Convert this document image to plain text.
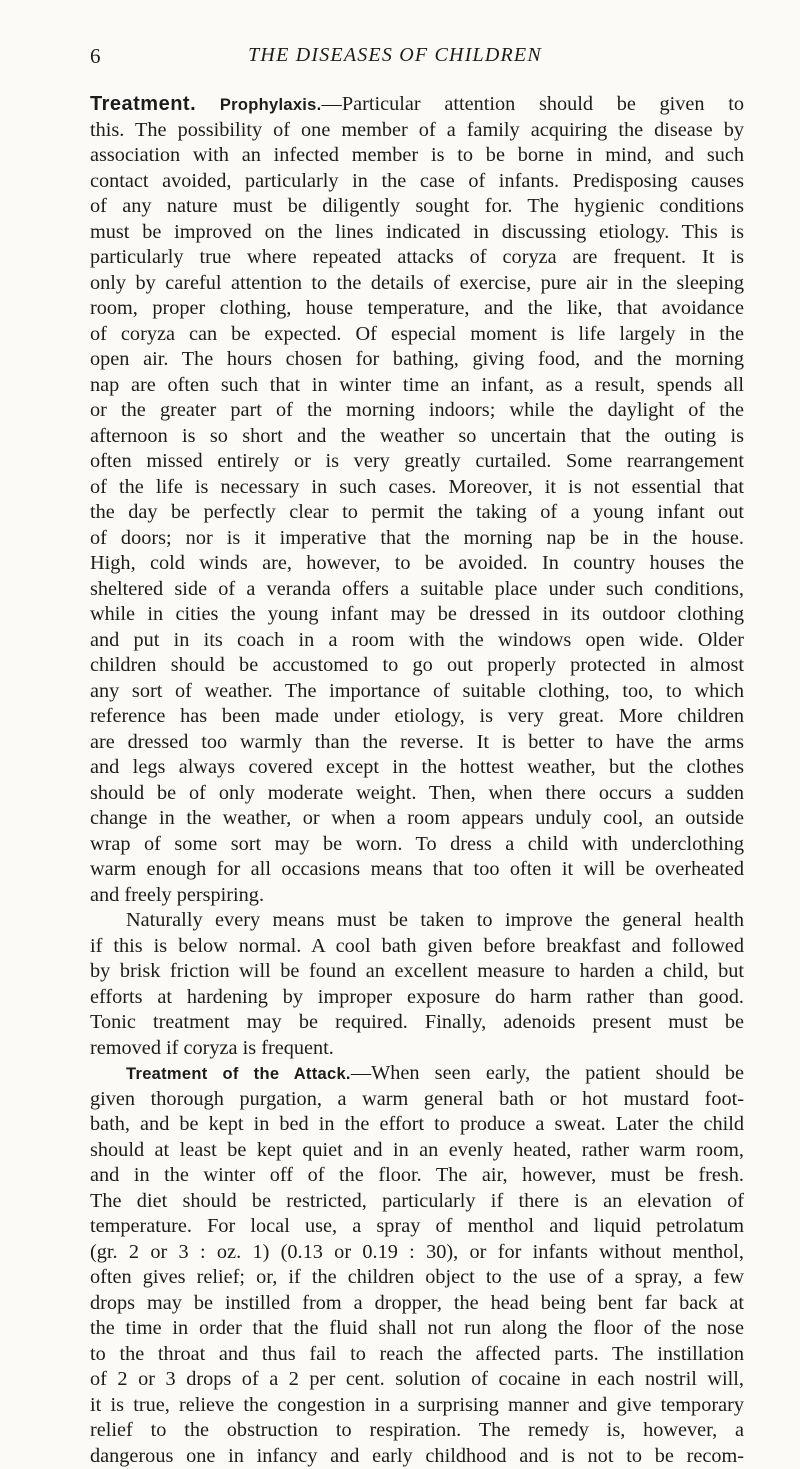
6	THE DISEASES OF CHILDREN
Treatment. Prophylaxis.—Particular attention should be given to
this. The possibility of one member of a family acquiring the disease by
association with an infected member is to be borne in mind, and such
contact avoided, particularly in the case of infants. Predisposing causes
of any nature must be diligently sought for. The hygienic conditions
must be improved on the lines indicated in discussing etiology. This is
particularly true where repeated attacks of coryza are frequent. It is
only by careful attention to the details of exercise, pure air in the sleeping
room, proper clothing, house temperature, and the like, that avoidance
of coryza can be expected. Of especial moment is life largely in the
open air. The hours chosen for bathing, giving food, and the morning
nap are often such that in winter time an infant, as a result, spends all
or the greater part of the morning indoors; while the daylight of the
afternoon is so short and the weather so uncertain that the outing is
often missed entirely or is very greatly curtailed. Some rearrangement
of the life is necessary in such cases. Moreover, it is not essential that
the day be perfectly clear to permit the taking of a young infant out
of doors; nor is it imperative that the morning nap be in the house.
High, cold winds are, however, to be avoided. In country houses the
sheltered side of a veranda offers a suitable place under such conditions,
while in cities the young infant may be dressed in its outdoor clothing
and put in its coach in a room with the windows open wide. Older
children should be accustomed to go out properly protected in almost
any sort of weather. The importance of suitable clothing, too, to which
reference has been made under etiology, is very great. More children
are dressed too warmly than the reverse. It is better to have the arms
and legs always covered except in the hottest weather, but the clothes
should be of only moderate weight. Then, when there occurs a sudden
change in the weather, or when a room appears unduly cool, an outside
wrap of some sort may be worn. To dress a child with underclothing
warm enough for all occasions means that too often it will be overheated
and freely perspiring.
Naturally every means must be taken to improve the general health
if this is below normal. A cool bath given before breakfast and followed
by brisk friction will be found an excellent measure to harden a child, but
efforts at hardening by improper exposure do harm rather than good.
Tonic treatment may be required. Finally, adenoids present must be
removed if coryza is frequent.
Treatment of the Attack.—When seen early, the patient should be
given thorough purgation, a warm general bath or hot mustard foot-
bath, and be kept in bed in the effort to produce a sweat. Later the child
should at least be kept quiet and in an evenly heated, rather warm room,
and in the winter off of the floor. The air, however, must be fresh.
The diet should be restricted, particularly if there is an elevation of
temperature. For local use, a spray of menthol and liquid petrolatum
(gr. 2 or 3 : oz. 1) (0.13 or 0.19 : 30), or for infants without menthol,
often gives relief; or, if the children object to the use of a spray, a few
drops may be instilled from a dropper, the head being bent far back at
the time in order that the fluid shall not run along the floor of the nose
to the throat and thus fail to reach the affected parts. The instillation
of 2 or 3 drops of a 2 per cent. solution of cocaine in each nostril will,
it is true, relieve the congestion in a surprising manner and give temporary
relief to the obstruction to respiration. The remedy is, however, a
dangerous one in infancy and early childhood and is not to be recom-
